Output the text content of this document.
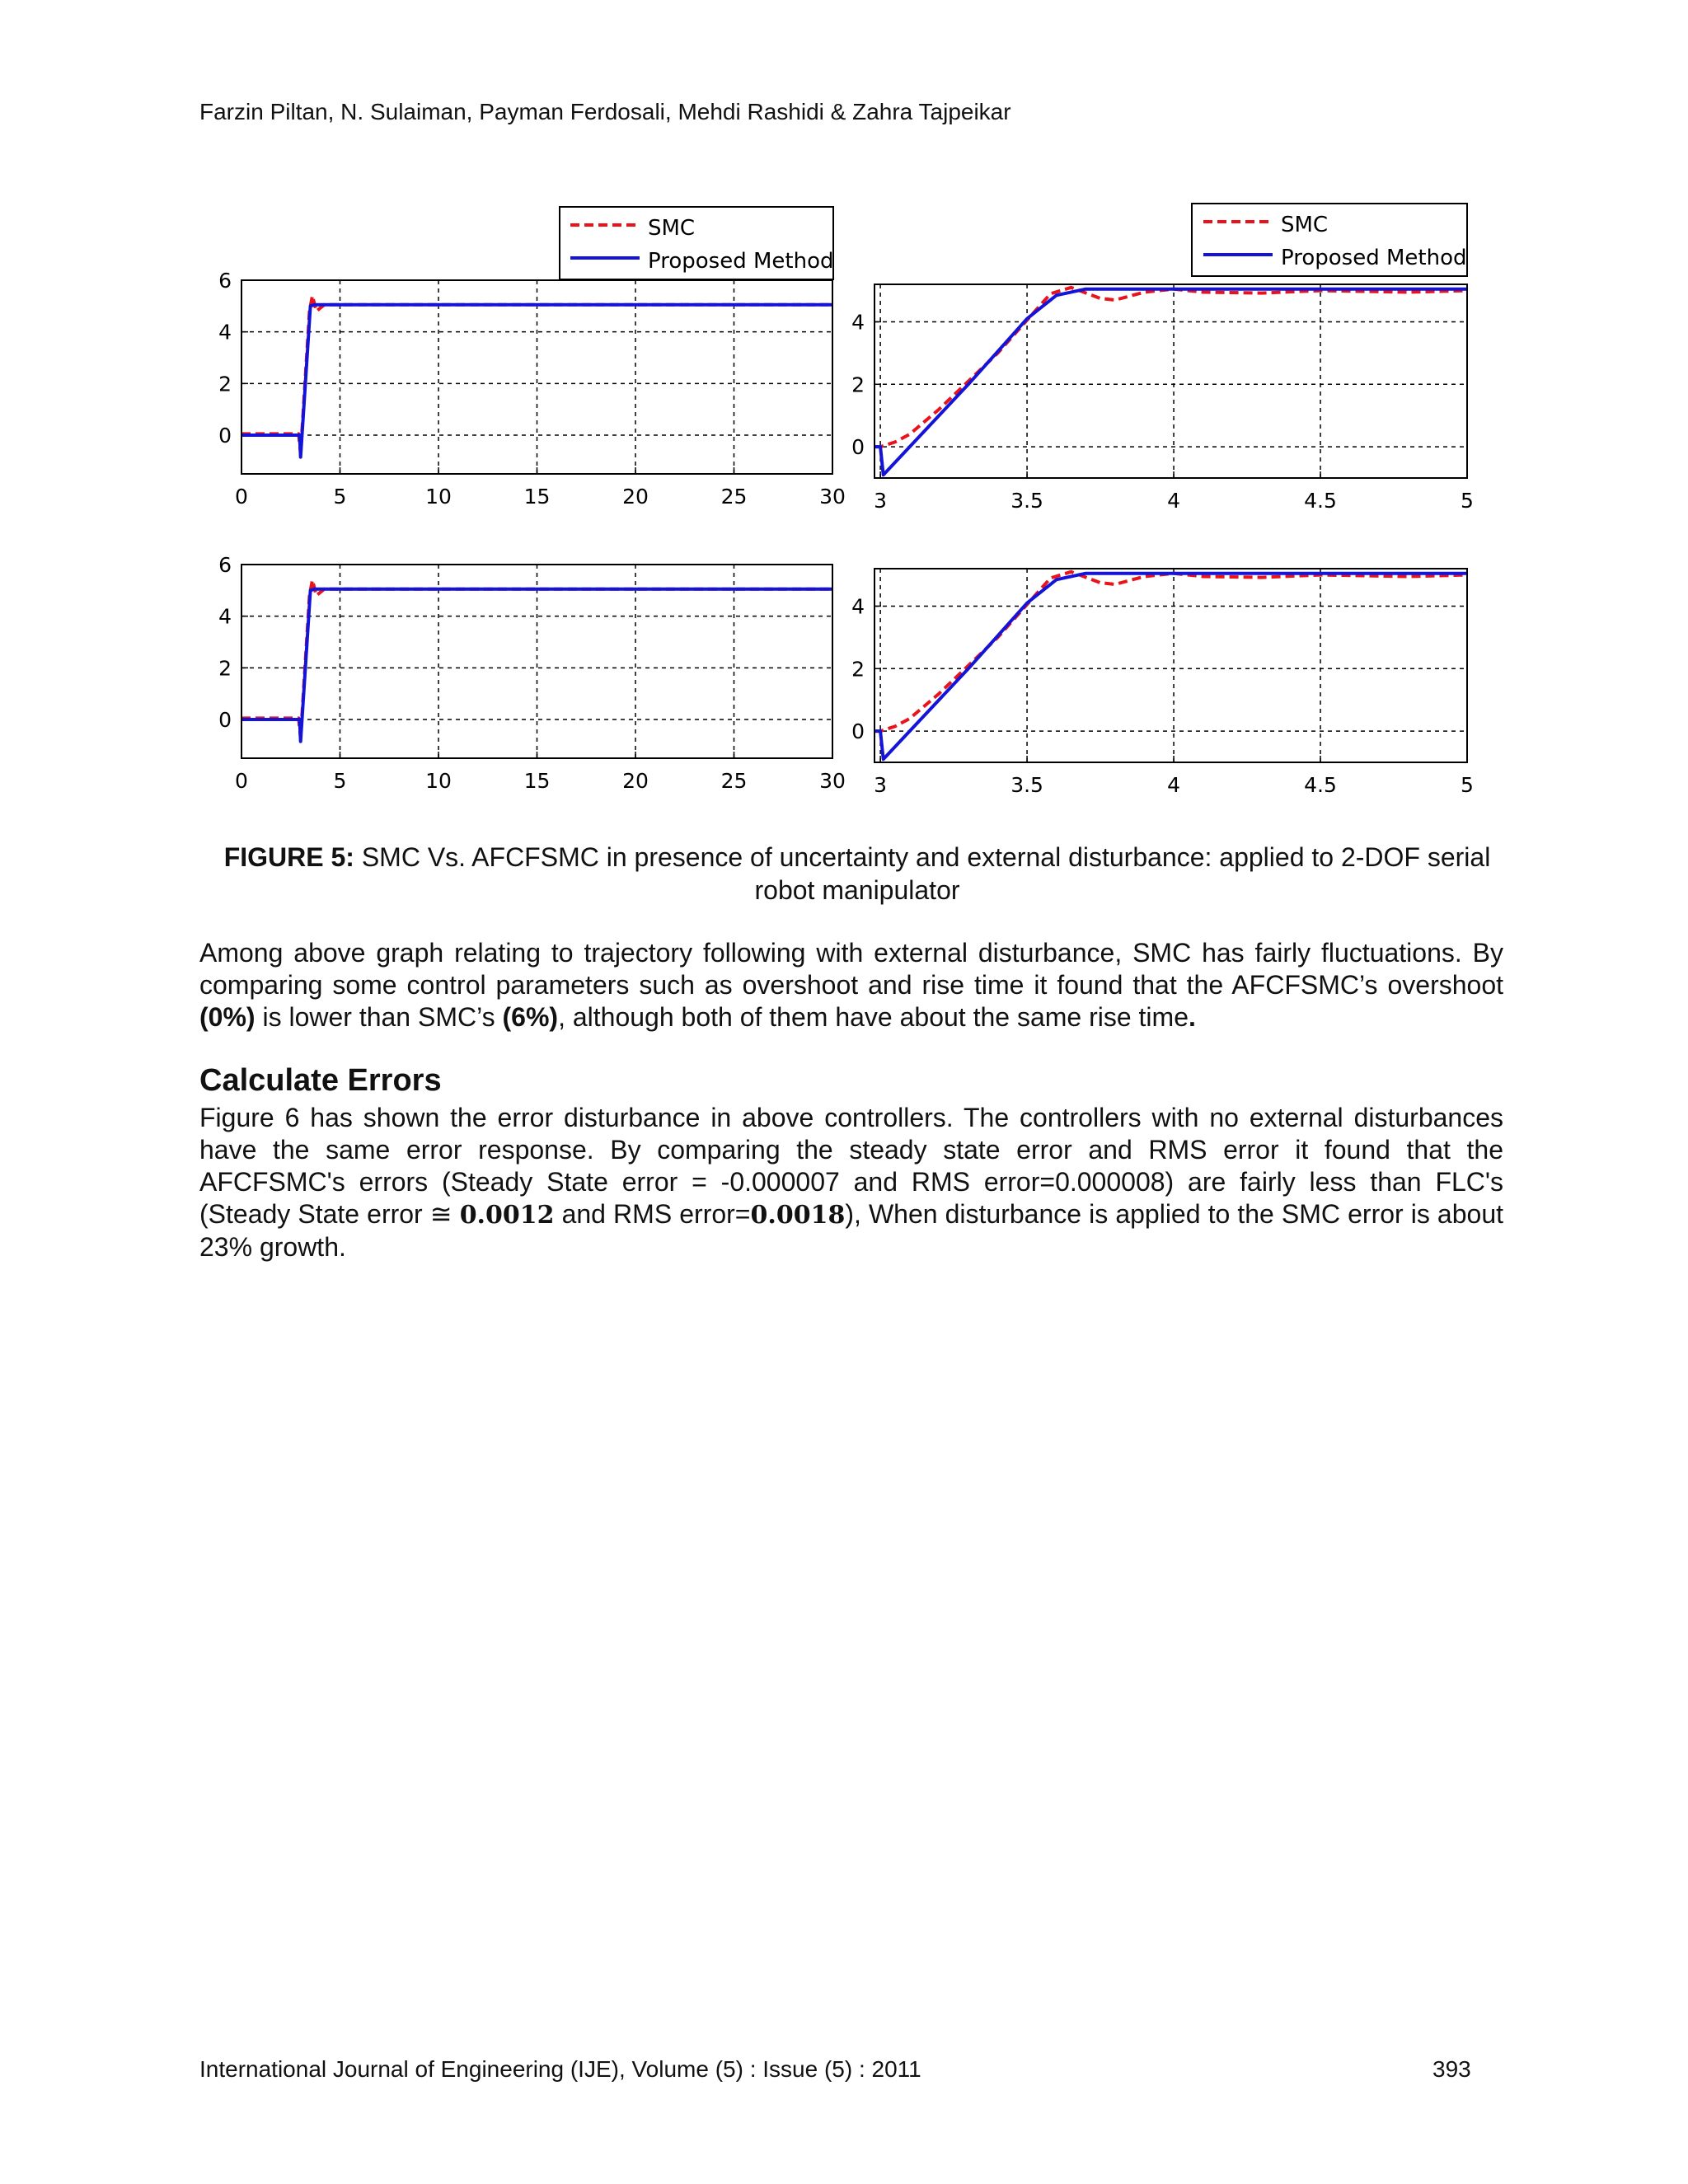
Farzin Piltan, N. Sulaiman, Payman Ferdosali, Mehdi Rashidi & Zahra Tajpeikar
0	5	10	15	20	25	30
0
2
4
6
3	3.5	4	4.5	5
0
2
4
0	5	10	15	20	25	30
0
2
4
6
3	3.5	4	4.5	5
0
2
4
SMC
Proposed Method
SMC
Proposed Method
FIGURE 5: SMC Vs. AFCFSMC in presence of uncertainty and external disturbance: applied to 2-DOF serial robot manipulator
Among above graph relating to trajectory following with external disturbance, SMC has fairly fluctuations. By comparing some control parameters such as overshoot and rise time it found that the AFCFSMC’s overshoot (0%) is lower than SMC’s (6%), although both of them have about the same rise time.
Calculate Errors
Figure 6 has shown the error disturbance in above controllers. The controllers with no external disturbances have the same error response. By comparing the steady state error and RMS error it found that the AFCFSMC's errors (Steady State error = -0.000007 and RMS error=0.000008) are fairly less than FLC's (Steady State error ≅ 0.0012 and RMS error=0.0018), When disturbance is applied to the SMC error is about 23% growth.
International Journal of Engineering (IJE), Volume (5) : Issue (5) : 2011	393
